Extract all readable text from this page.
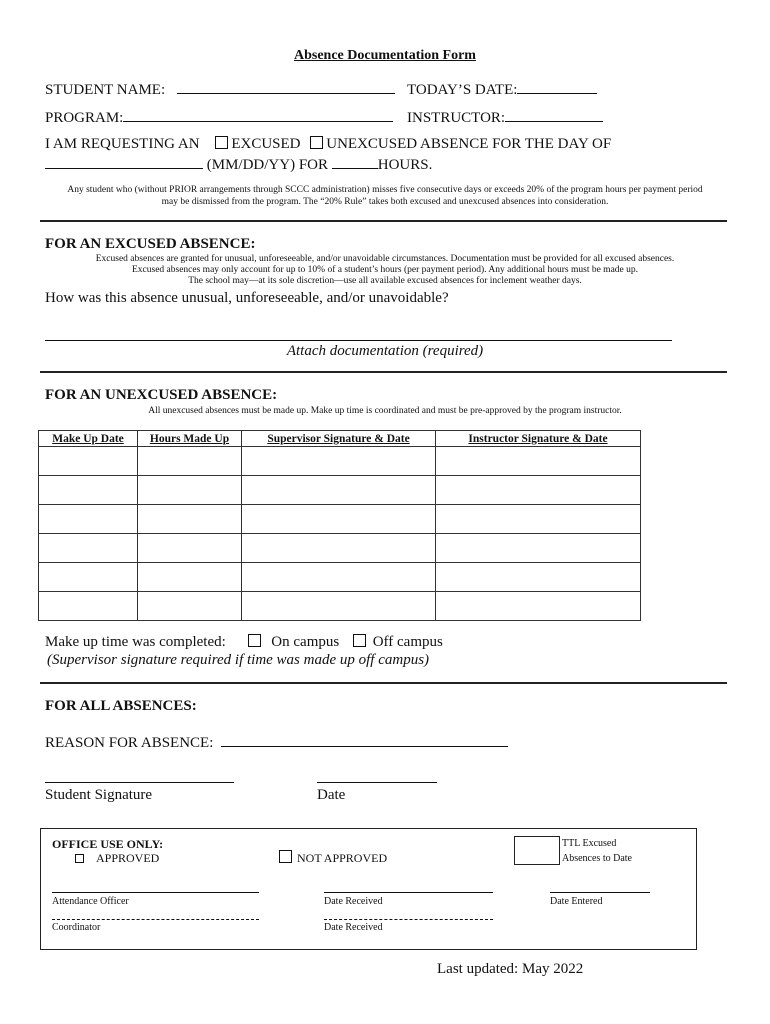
Absence Documentation Form
STUDENT NAME:	TODAY’S DATE:
PROGRAM:	INSTRUCTOR:
I AM REQUESTING AN EXCUSED UNEXCUSED ABSENCE FOR THE DAY OF
(MM/DD/YY) FOR	HOURS.
Any student who (without PRIOR arrangements through SCCC administration) misses five consecutive days or exceeds 20% of the program hours per payment period
may be dismissed from the program. The “20% Rule” takes both excused and unexcused absences into consideration.
FOR AN EXCUSED ABSENCE:
Excused absences are granted for unusual, unforeseeable, and/or unavoidable circumstances. Documentation must be provided for all excused absences.
Excused absences may only account for up to 10% of a student’s hours (per payment period). Any additional hours must be made up.
The school may—at its sole discretion—use all available excused absences for inclement weather days.
How was this absence unusual, unforeseeable, and/or unavoidable?
Attach documentation (required)
FOR AN UNEXCUSED ABSENCE:
All unexcused absences must be made up. Make up time is coordinated and must be pre-approved by the program instructor.
Make Up Date	Hours Made Up	Supervisor Signature & Date	Instructor Signature & Date

Make up time was completed:	On campus Off campus
(Supervisor signature required if time was made up off campus)
FOR ALL ABSENCES:
REASON FOR ABSENCE:
Student Signature	Date
OFFICE USE ONLY:
APPROVED	NOT APPROVED
TTL Excused
Absences to Date
Attendance Officer	Date Received	Date Entered
Coordinator	Date Received
Last updated: May 2022
